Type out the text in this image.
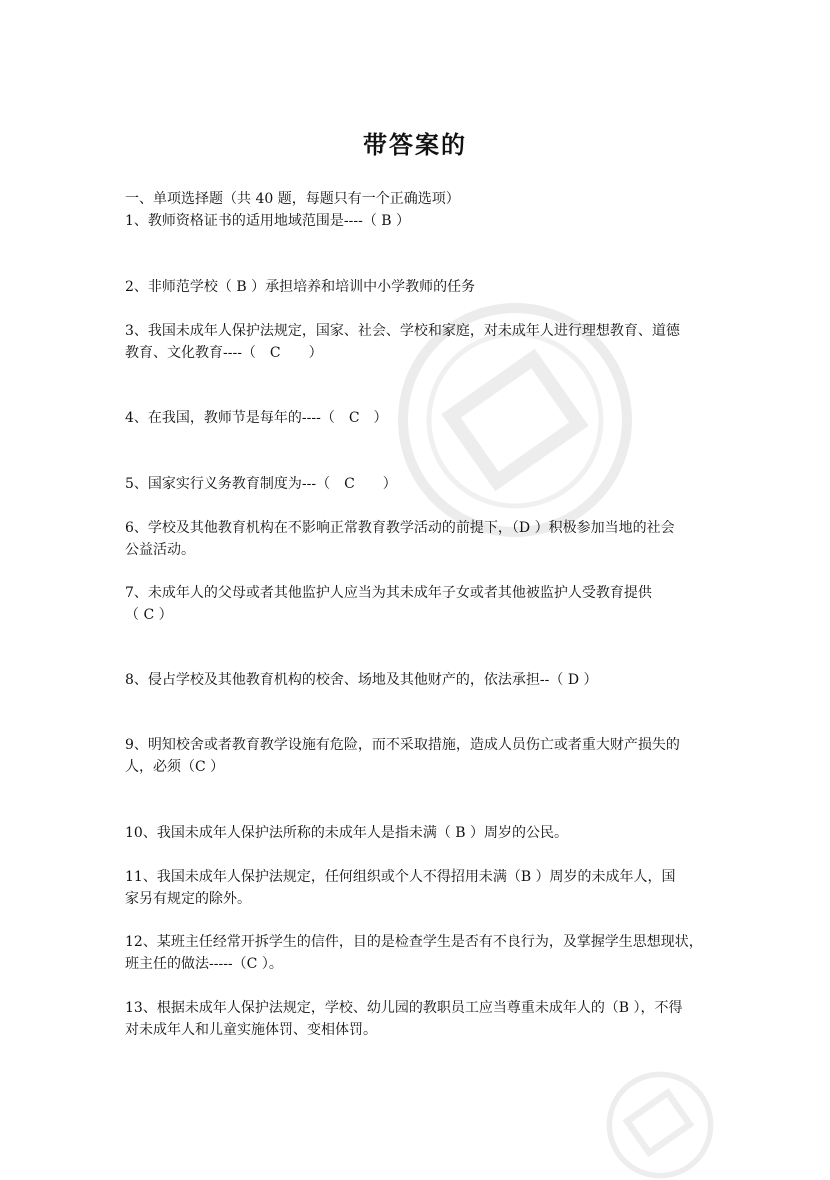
带答案的
一、单项选择题（共 40 题，每题只有一个正确选项）
1、教师资格证书的适用地域范围是----（ B ）
2、非师范学校（ B ）承担培养和培训中小学教师的任务
3、我国未成年人保护法规定，国家、社会、学校和家庭，对未成年人进行理想教育、道德
教育、文化教育----（　C　　）
4、在我国，教师节是每年的----（　C　）
5、国家实行义务教育制度为---（　C　　）
6、学校及其他教育机构在不影响正常教育教学活动的前提下，（D ）积极参加当地的社会
公益活动。
7、未成年人的父母或者其他监护人应当为其未成年子女或者其他被监护人受教育提供
（ C ）
8、侵占学校及其他教育机构的校舍、场地及其他财产的，依法承担--（ D ）
9、明知校舍或者教育教学设施有危险，而不采取措施，造成人员伤亡或者重大财产损失的
人，必须（C ）
10、我国未成年人保护法所称的未成年人是指未满（ B ）周岁的公民。
11、我国未成年人保护法规定，任何组织或个人不得招用未满（B ）周岁的未成年人，国
家另有规定的除外。
12、某班主任经常开拆学生的信件，目的是检查学生是否有不良行为，及掌握学生思想现状，
班主任的做法-----（C ）。
13、根据未成年人保护法规定，学校、幼儿园的教职员工应当尊重未成年人的（B ），不得
对未成年人和儿童实施体罚、变相体罚。
